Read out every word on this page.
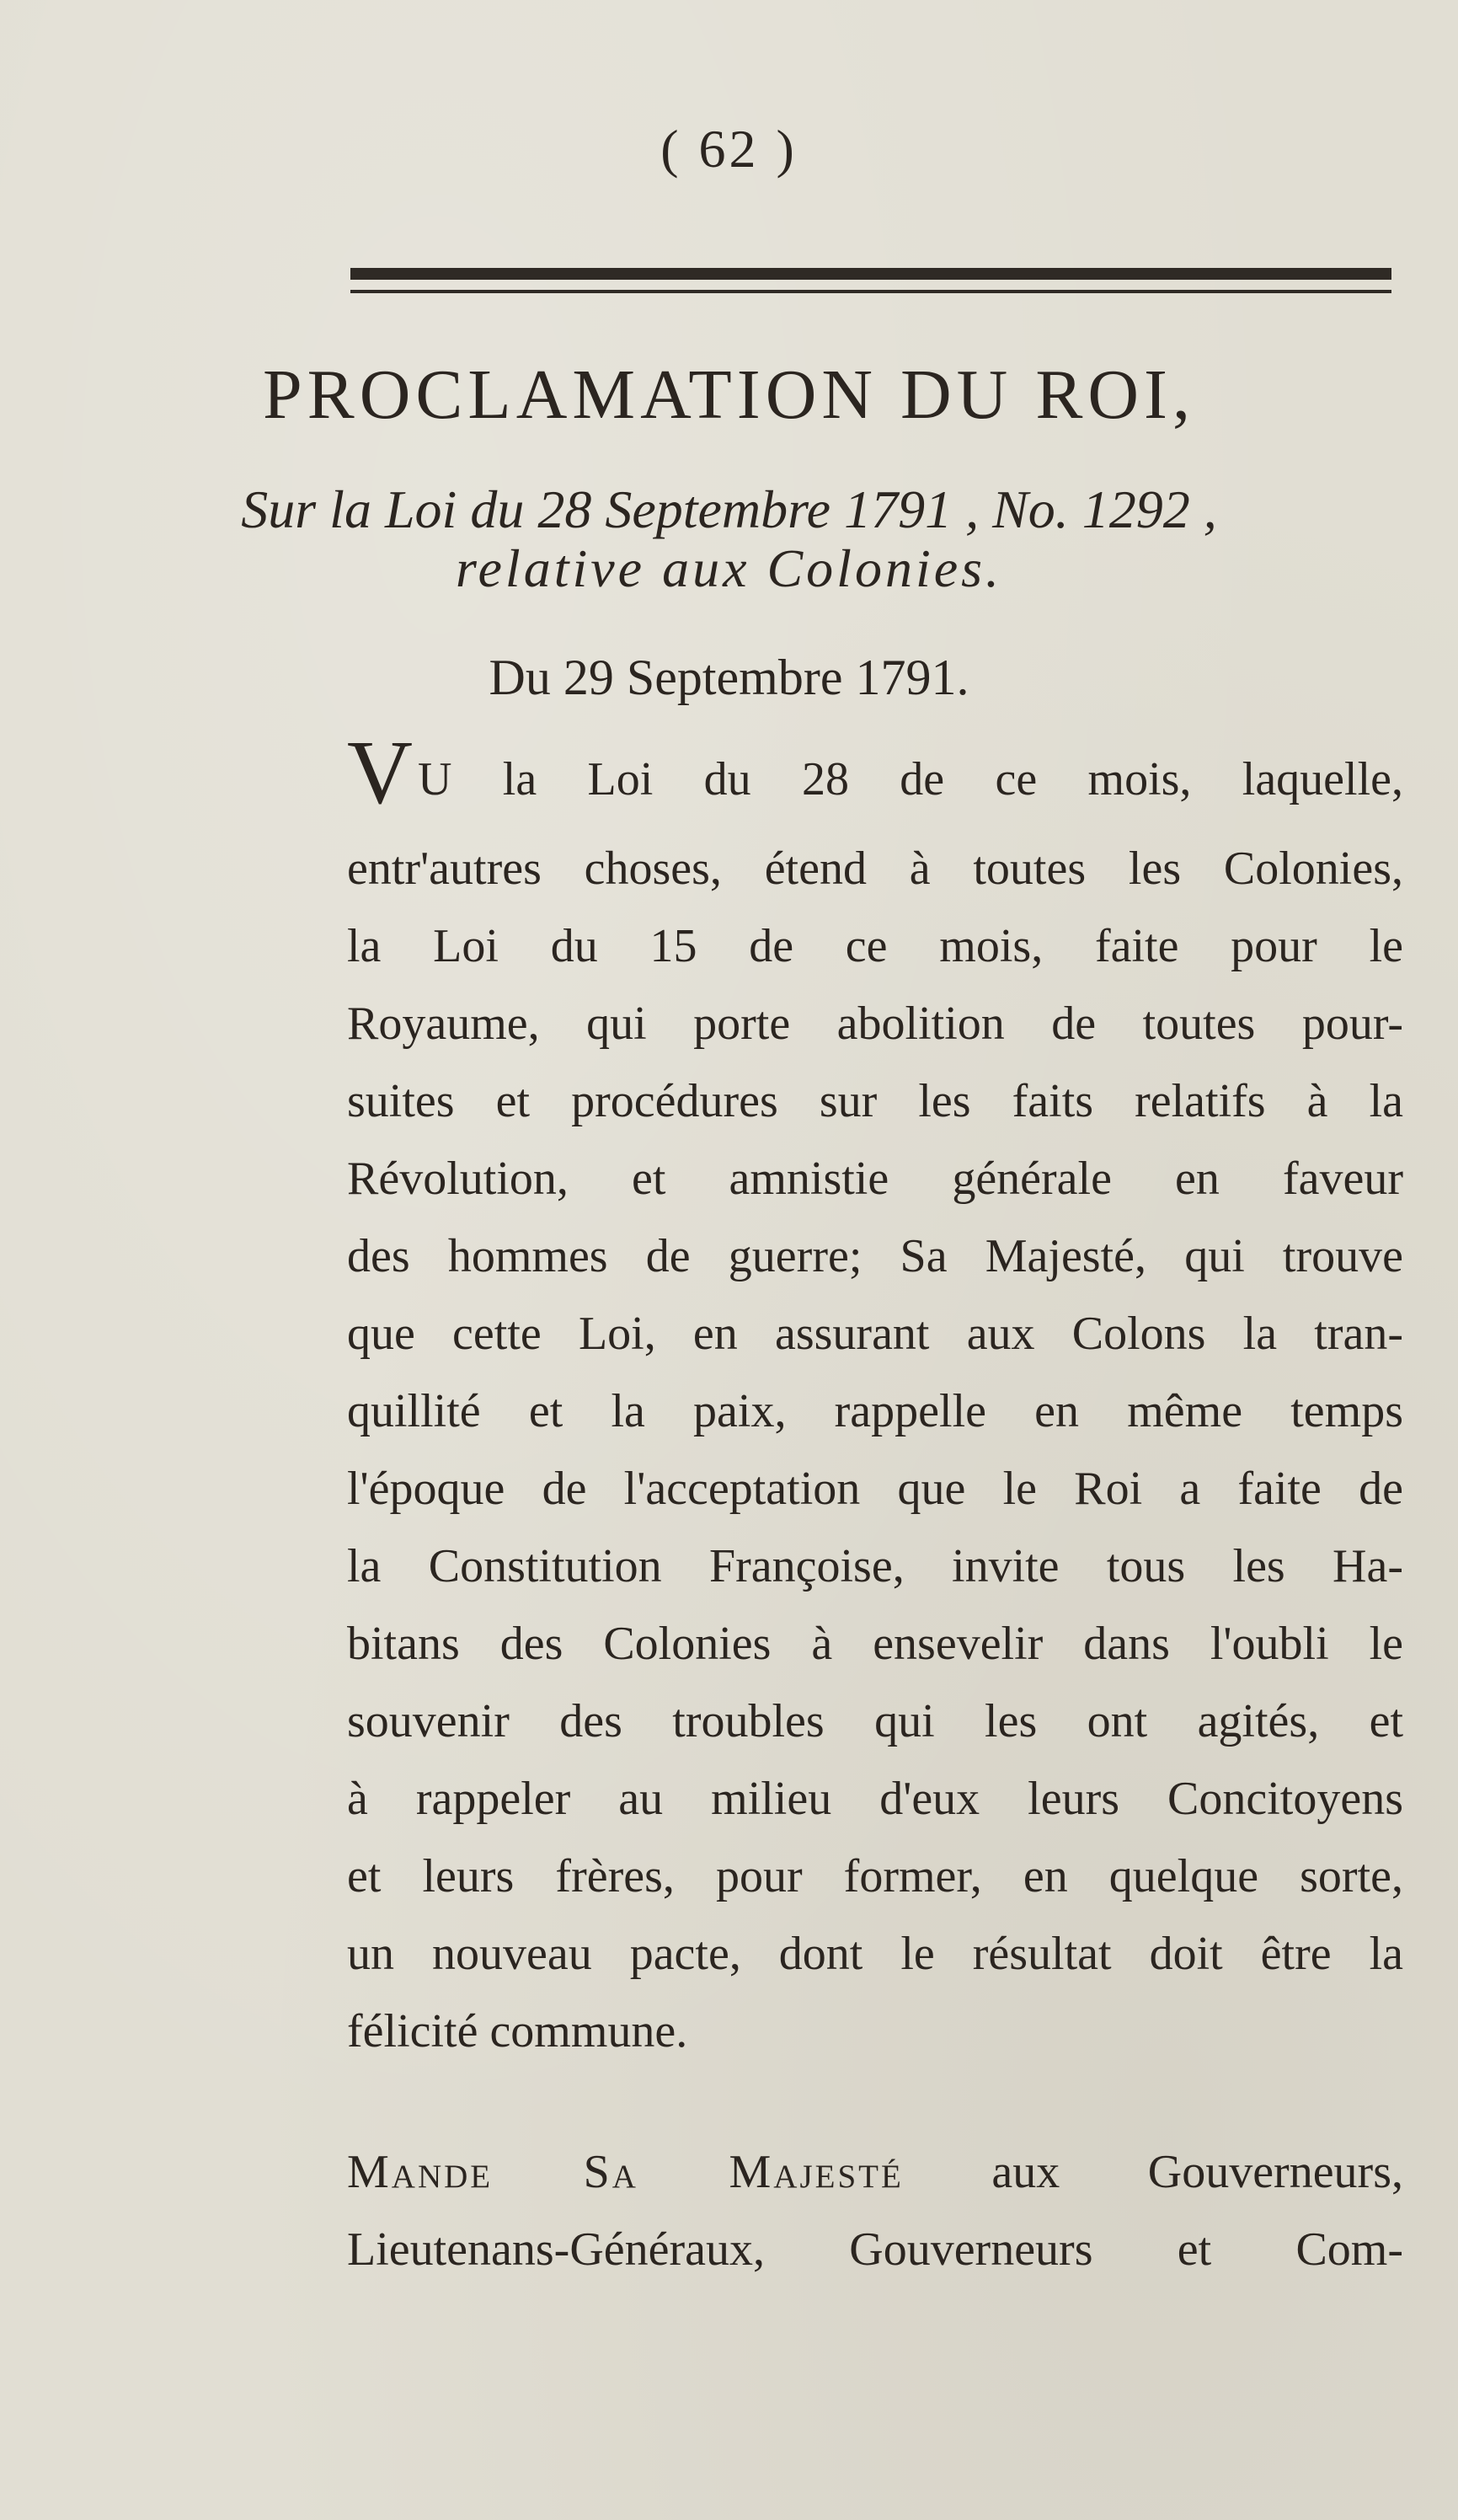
( 62 )
PROCLAMATION DU ROI,
Sur la Loi du 28 Septembre 1791 , No. 1292 ,
relative aux Colonies.
Du 29 Septembre 1791.
V U la Loi du 28 de ce mois, laquelle,
entr'autres choses, étend à toutes les Colonies,
la Loi du 15 de ce mois, faite pour le
Royaume, qui porte abolition de toutes pour-
suites et procédures sur les faits relatifs à la
Révolution, et amnistie générale en faveur
des hommes de guerre; Sa Majesté, qui trouve
que cette Loi, en assurant aux Colons la tran-
quillité et la paix, rappelle en même temps
l'époque de l'acceptation que le Roi a faite de
la Constitution Françoise, invite tous les Ha-
bitans des Colonies à ensevelir dans l'oubli le
souvenir des troubles qui les ont agités, et
à rappeler au milieu d'eux leurs Concitoyens
et leurs frères, pour former, en quelque sorte,
un nouveau pacte, dont le résultat doit être la
félicité commune.
Mande Sa Majesté aux Gouverneurs,
Lieutenans-Généraux, Gouverneurs et Com-
